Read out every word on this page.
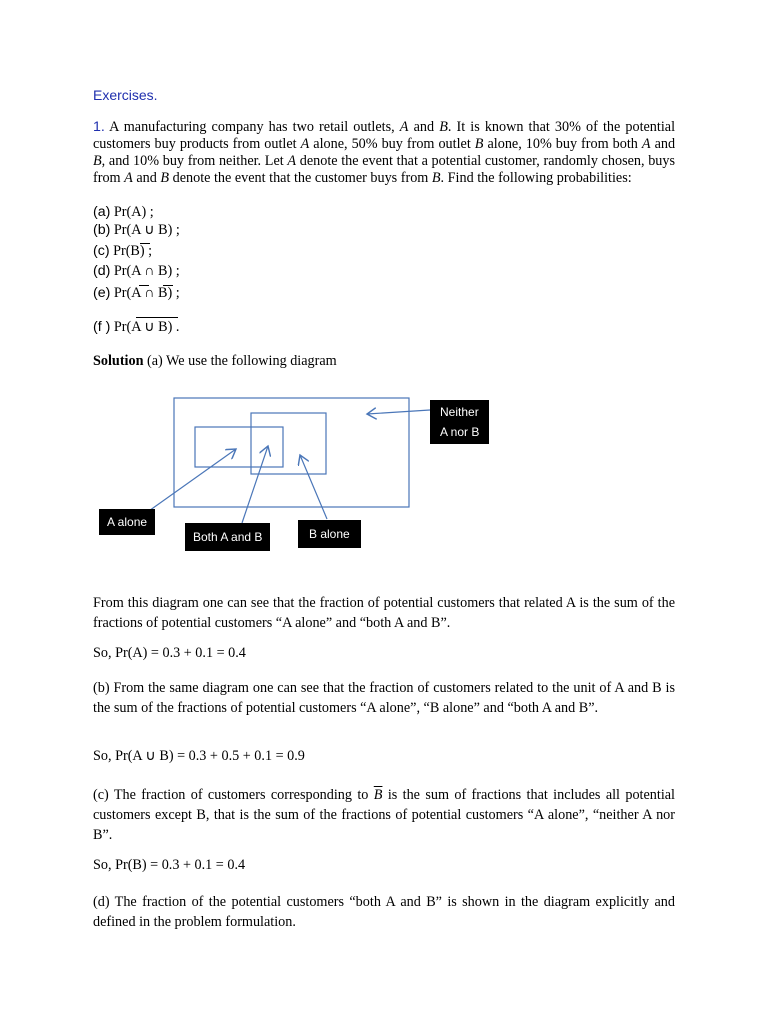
Exercises.
1. A manufacturing company has two retail outlets, A and B. It is known that 30% of the potential customers buy products from outlet A alone, 50% buy from outlet B alone, 10% buy from both A and B, and 10% buy from neither. Let A denote the event that a potential customer, randomly chosen, buys from A and B denote the event that the customer buys from B. Find the following probabilities:
(a) Pr(A) ;
(b) Pr(A ∪ B) ;
(c) Pr(B) ;
(d) Pr(A ∩ B) ;
(e) Pr(A ∩ B) ;
(f ) Pr(A ∪ B) .
Solution (a) We use the following diagram
Neither
A nor B
A alone
Both A and B	B alone
From this diagram one can see that the fraction of potential customers that related A is the sum of the fractions of potential customers “A alone” and “both A and B”.
So, Pr(A) = 0.3 + 0.1 = 0.4
(b) From the same diagram one can see that the fraction of customers related to the unit of A and B is the sum of the fractions of potential customers “A alone”, “B alone” and “both A and B”.
So, Pr(A ∪ B) = 0.3 + 0.5 + 0.1 = 0.9
(c) The fraction of customers corresponding to $\overline{B}$ is the sum of fractions that includes all potential customers except B, that is the sum of the fractions of potential customers “A alone”, “neither A nor B”.
So, Pr(B) = 0.3 + 0.1 = 0.4
(d) The fraction of the potential customers “both A and B” is shown in the diagram explicitly and defined in the problem formulation.
